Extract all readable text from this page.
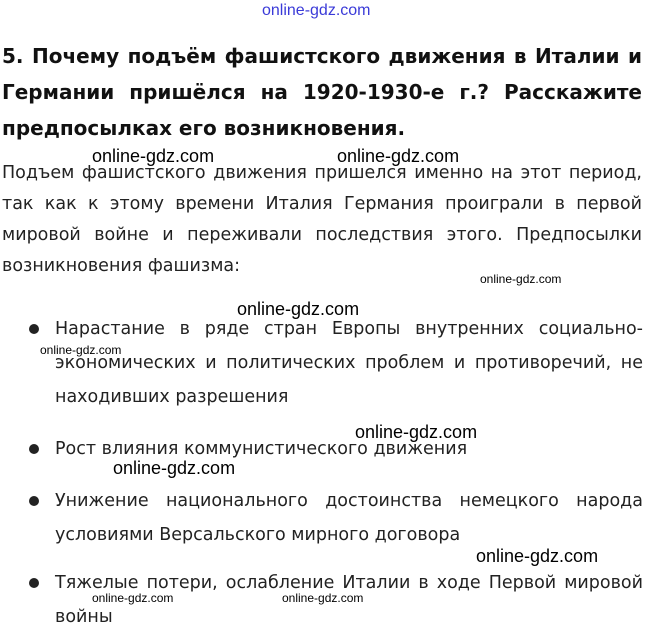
online-gdz.com
5. Почему подъём фашистского движения в Италии и Германии пришёлся на 1920-1930-е г.? Расскажите предпосылках его возникновения.
Подъем фашистского движения пришелся именно на этот период, так как к этому времени Италия Германия проиграли в первой мировой войне и переживали последствия этого. Предпосылки возникновения фашизма:
Нарастание в ряде стран Европы внутренних социально-экономических и политических проблем и противоречий, не находивших разрешения
Рост влияния коммунистического движения
Унижение национального достоинства немецкого народа условиями Версальского мирного договора
Тяжелые потери, ослабление Италии в ходе Первой мировой войны
online-gdz.com	online-gdz.com
online-gdz.com
online-gdz.com
online-gdz.com
online-gdz.com
online-gdz.com
online-gdz.com
online-gdz.com	online-gdz.com
